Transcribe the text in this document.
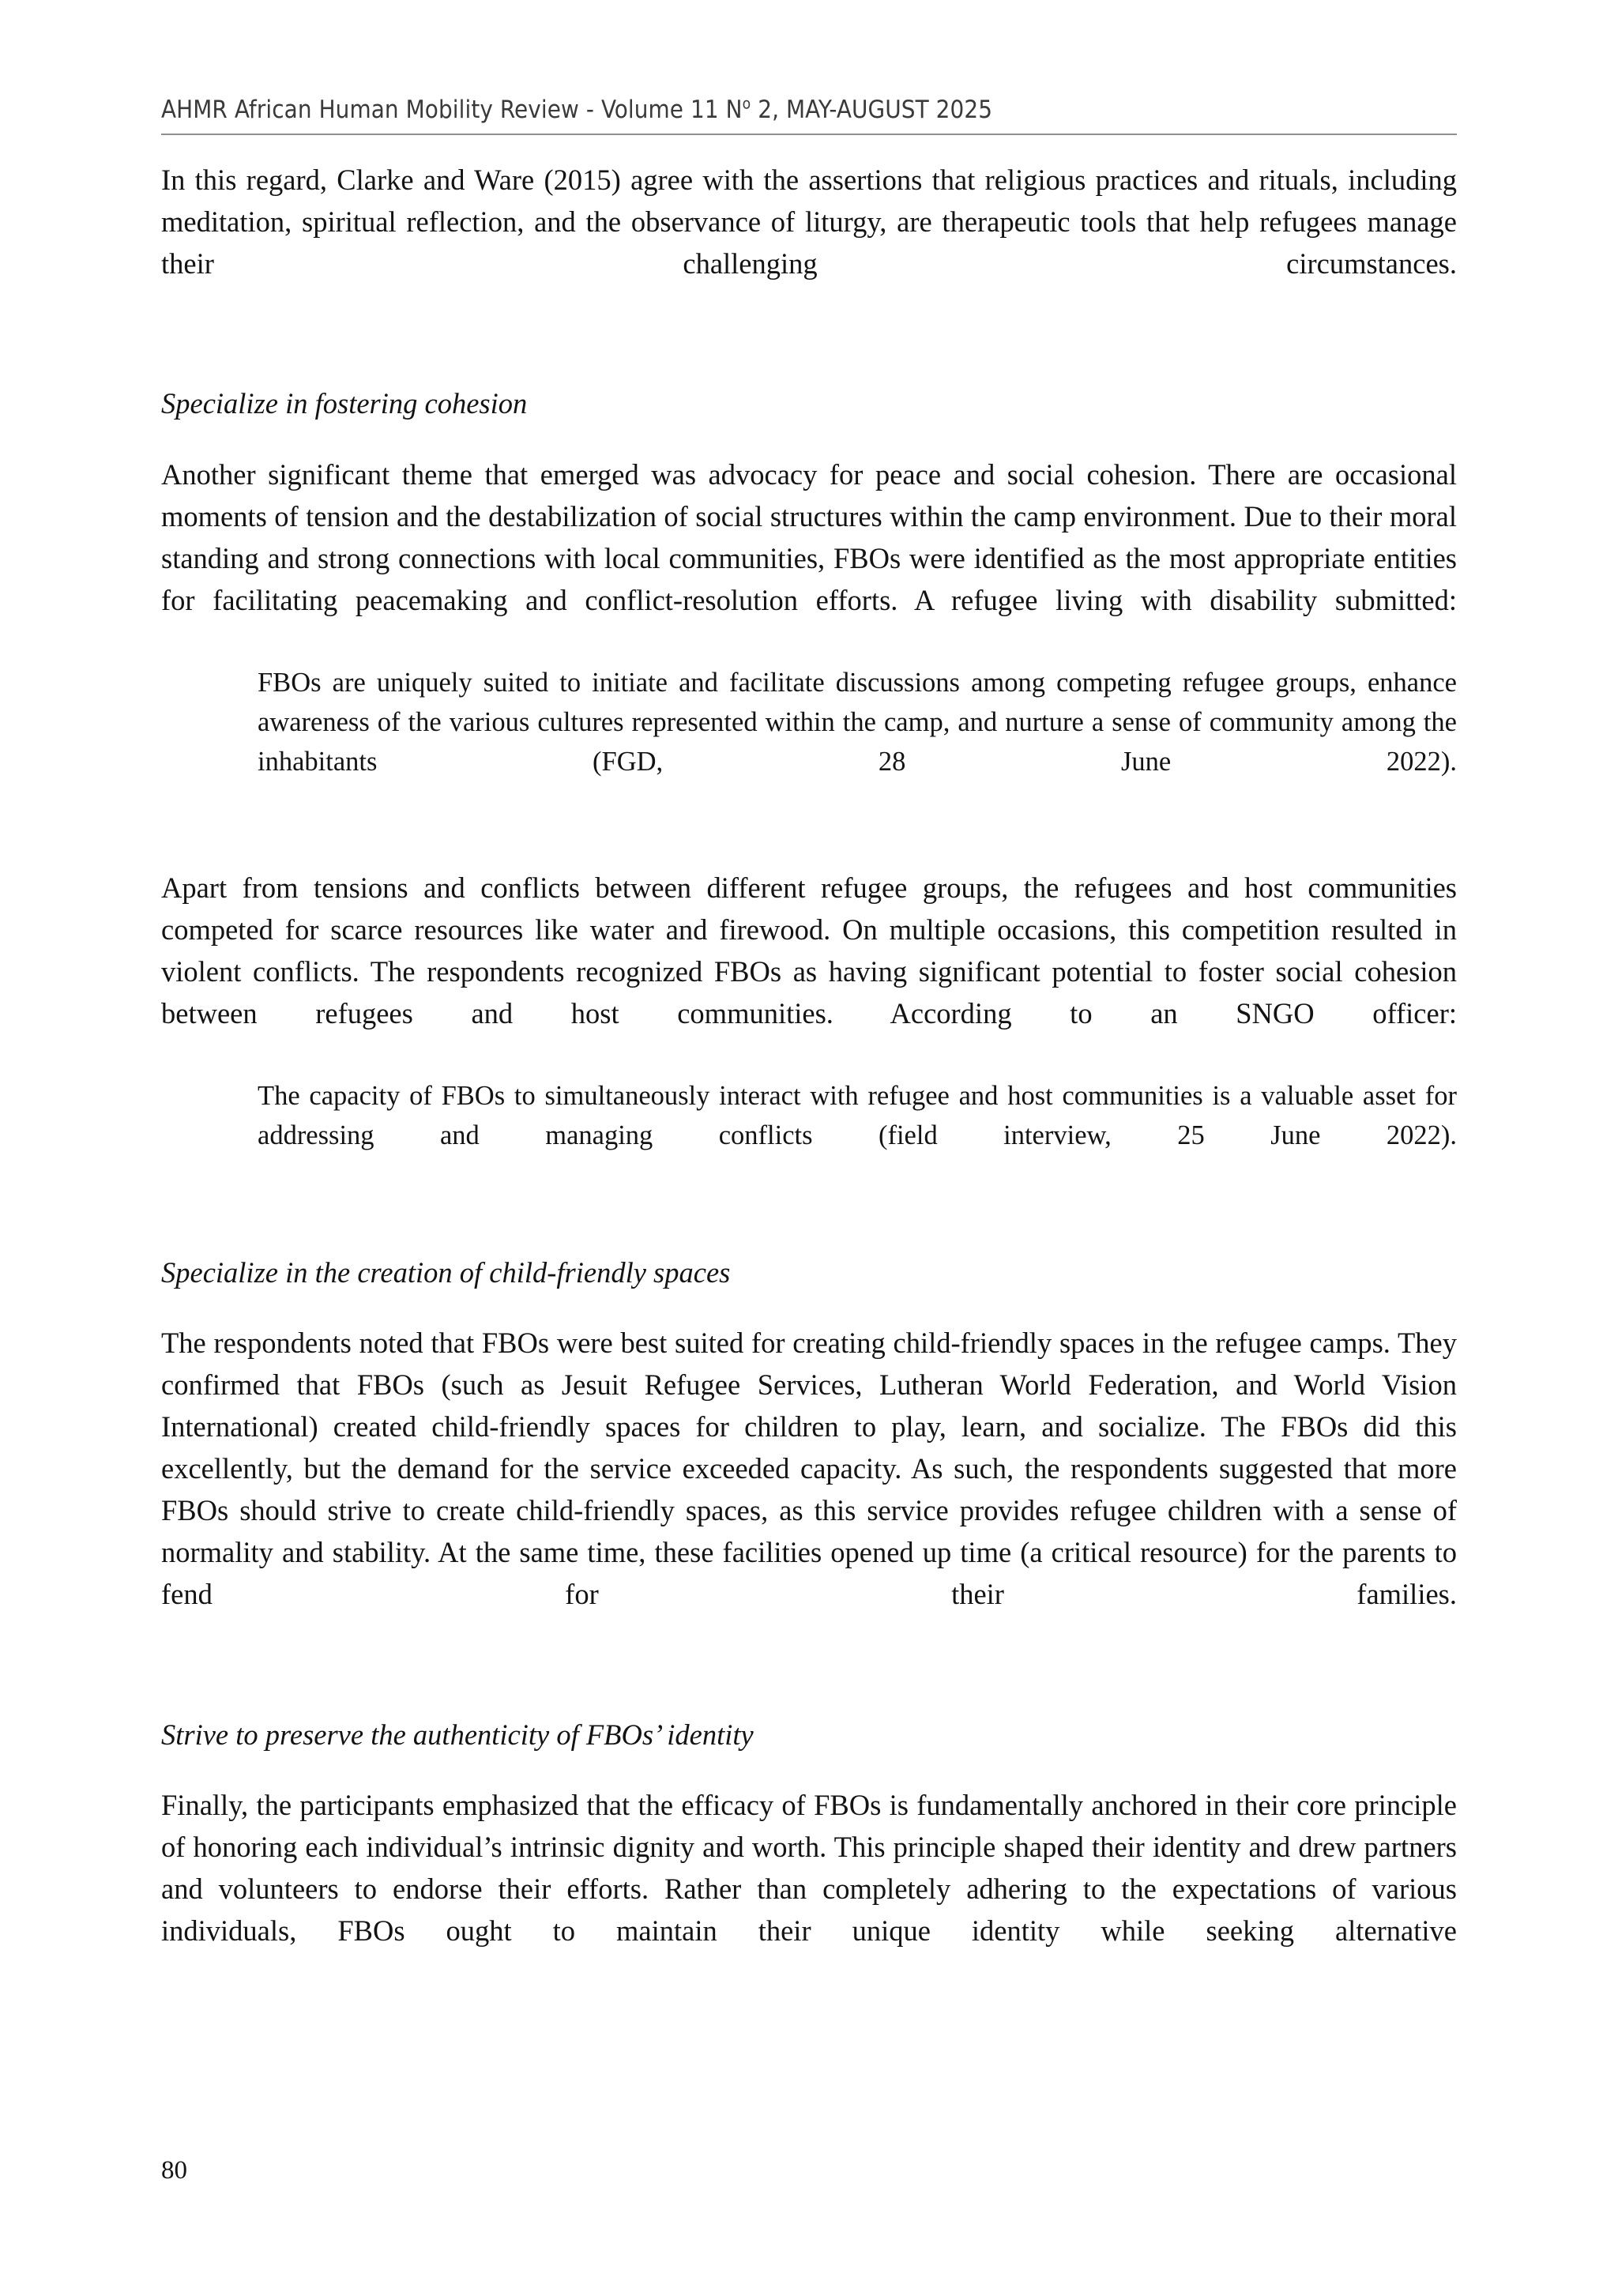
AHMR African Human Mobility Review - Volume 11 $N^o$ 2, MAY-AUGUST 2025

In this regard, Clarke and Ware (2015) agree with the assertions that religious practices and rituals, including meditation, spiritual reflection, and the observance of liturgy, are therapeutic tools that help refugees manage their challenging circumstances.

Specialize in fostering cohesion

Another significant theme that emerged was advocacy for peace and social cohesion. There are occasional moments of tension and the destabilization of social structures within the camp environment. Due to their moral standing and strong connections with local communities, FBOs were identified as the most appropriate entities for facilitating peacemaking and conflict-resolution efforts. A refugee living with disability submitted:

FBOs are uniquely suited to initiate and facilitate discussions among competing refugee groups, enhance awareness of the various cultures represented within the camp, and nurture a sense of community among the inhabitants (FGD, 28 June 2022).

Apart from tensions and conflicts between different refugee groups, the refugees and host communities competed for scarce resources like water and firewood. On multiple occasions, this competition resulted in violent conflicts. The respondents recognized FBOs as having significant potential to foster social cohesion between refugees and host communities. According to an SNGO officer:

The capacity of FBOs to simultaneously interact with refugee and host communities is a valuable asset for addressing and managing conflicts (field interview, 25 June 2022).

Specialize in the creation of child-friendly spaces

The respondents noted that FBOs were best suited for creating child-friendly spaces in the refugee camps. They confirmed that FBOs (such as Jesuit Refugee Services, Lutheran World Federation, and World Vision International) created child-friendly spaces for children to play, learn, and socialize. The FBOs did this excellently, but the demand for the service exceeded capacity. As such, the respondents suggested that more FBOs should strive to create child-friendly spaces, as this service provides refugee children with a sense of normality and stability. At the same time, these facilities opened up time (a critical resource) for the parents to fend for their families.

Strive to preserve the authenticity of FBOs’ identity

Finally, the participants emphasized that the efficacy of FBOs is fundamentally anchored in their core principle of honoring each individual’s intrinsic dignity and worth. This principle shaped their identity and drew partners and volunteers to endorse their efforts. Rather than completely adhering to the expectations of various individuals, FBOs ought to maintain their unique identity while seeking alternative

80
